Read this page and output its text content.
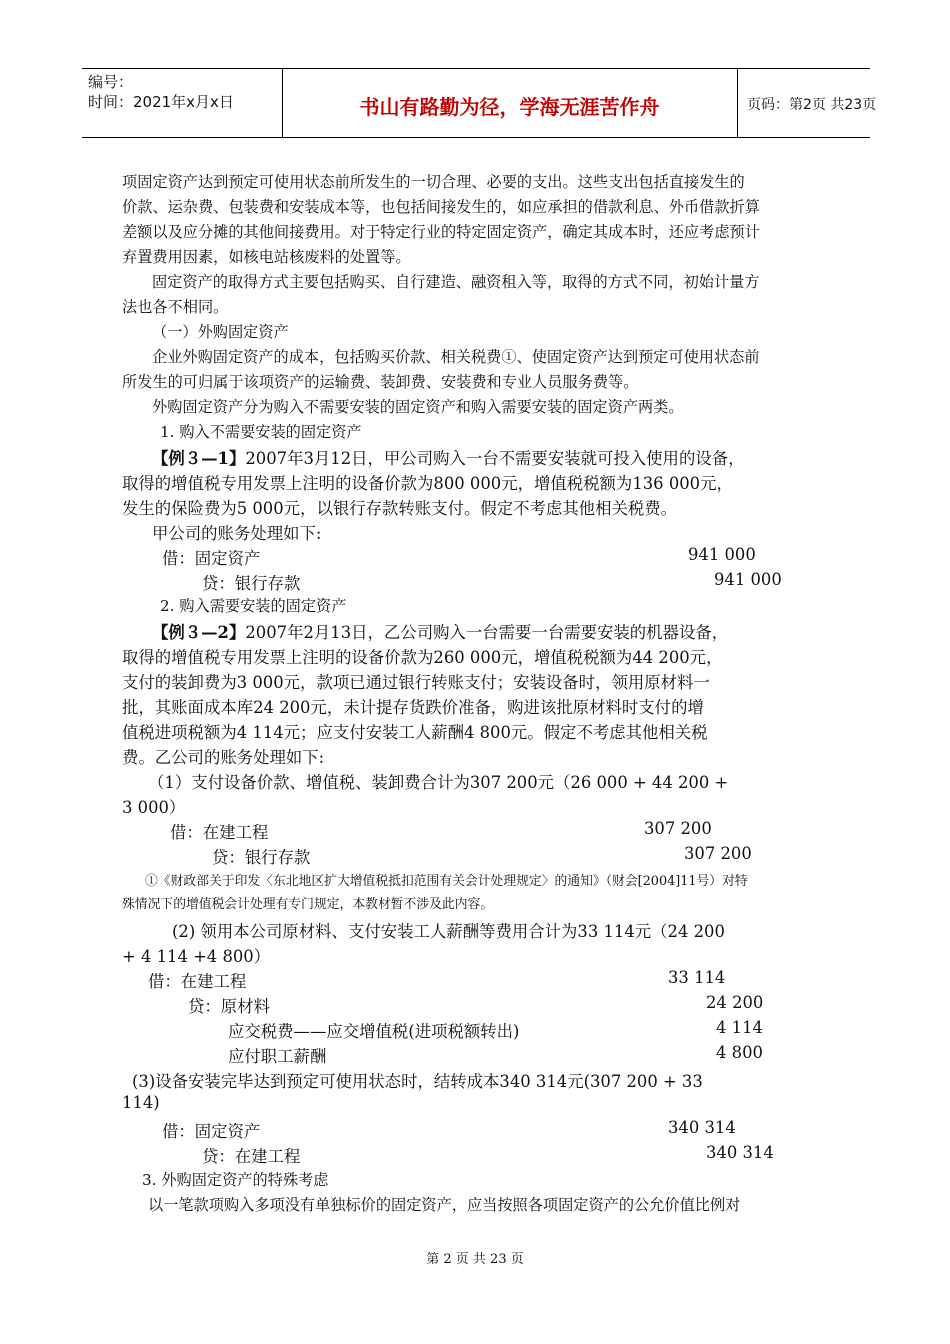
编号：
时间：2021年x月x日	书山有路勤为径，学海无涯苦作舟	页码：第2页 共23页
项固定资产达到预定可使用状态前所发生的一切合理、必要的支出。这些支出包括直接发生的
价款、运杂费、包装费和安装成本等，也包括间接发生的，如应承担的借款利息、外币借款折算
差额以及应分摊的其他间接费用。对于特定行业的特定固定资产，确定其成本时，还应考虑预计
弃置费用因素，如核电站核废料的处置等。
固定资产的取得方式主要包括购买、自行建造、融资租入等，取得的方式不同，初始计量方
法也各不相同。
（一）外购固定资产
企业外购固定资产的成本，包括购买价款、相关税费①、使固定资产达到预定可使用状态前
所发生的可归属于该项资产的运输费、装卸费、安装费和专业人员服务费等。
外购固定资产分为购入不需要安装的固定资产和购入需要安装的固定资产两类。
1. 购入不需要安装的固定资产
【例３—1】2007年3月12日，甲公司购入一台不需要安装就可投入使用的设备，
取得的增值税专用发票上注明的设备价款为800 000元，增值税税额为136 000元，
发生的保险费为5 000元，以银行存款转账支付。假定不考虑其他相关税费。
甲公司的账务处理如下:
借：固定资产	941 000
贷：银行存款	941 000
2. 购入需要安装的固定资产
【例３—2】2007年2月13日，乙公司购入一台需要一台需要安装的机器设备，
取得的增值税专用发票上注明的设备价款为260 000元，增值税税额为44 200元，
支付的装卸费为3 000元，款项已通过银行转账支付；安装设备时，领用原材料一
批，其账面成本库24 200元，未计提存货跌价准备，购进该批原材料时支付的增
值税进项税额为4 114元；应支付安装工人薪酬4 800元。假定不考虑其他相关税
费。乙公司的账务处理如下:
（1）支付设备价款、增值税、装卸费合计为307 200元（26 000 + 44 200 +
3 000）
借：在建工程	307 200
贷：银行存款	307 200
①《财政部关于印发〈东北地区扩大增值税抵扣范围有关会计处理规定〉的通知》（财会[2004]11号）对特
殊情况下的增值税会计处理有专门规定，本教材暂不涉及此内容。
(2) 领用本公司原材料、支付安装工人薪酬等费用合计为33 114元（24 200
+ 4 114 +4 800）
借：在建工程	33 114
贷：原材料	24 200
应交税费——应交增值税(进项税额转出)	4 114
应付职工薪酬	4 800
(3)设备安装完毕达到预定可使用状态时，结转成本340 314元(307 200 + 33
114)
借：固定资产	340 314
贷：在建工程	340 314
3. 外购固定资产的特殊考虑
以一笔款项购入多项没有单独标价的固定资产，应当按照各项固定资产的公允价值比例对
第 2 页 共 23 页
